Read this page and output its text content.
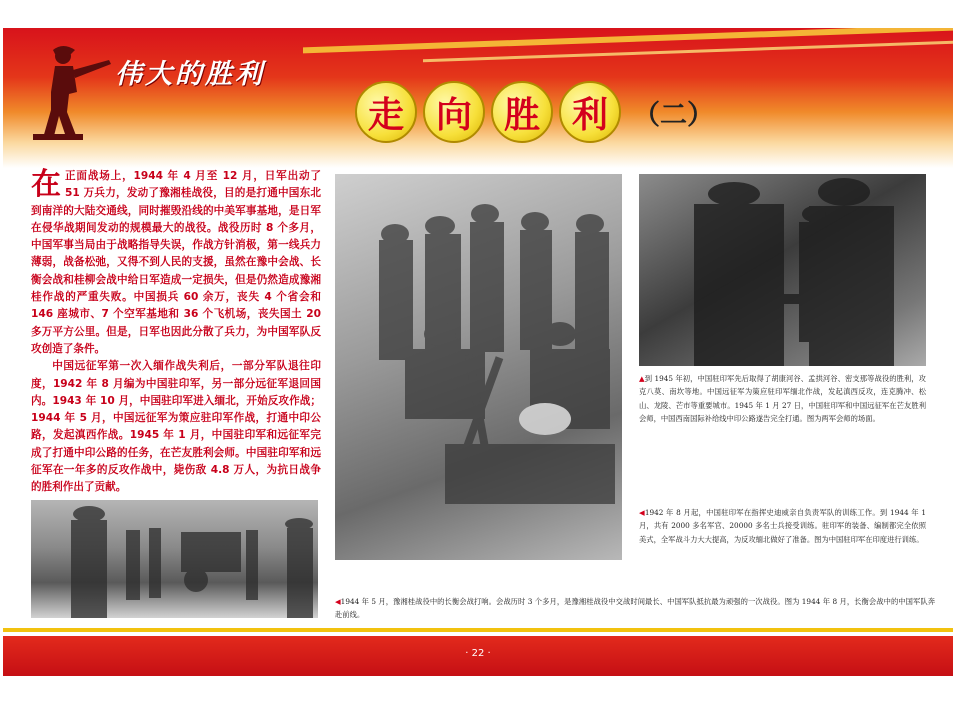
伟大的胜利
走 向 胜 利 （二）

在正面战场上，1944 年 4 月至 12 月，日军出动了 51 万兵力，发动了豫湘桂战役，目的是打通中国东北到南洋的大陆交通线，同时摧毁沿线的中美军事基地，是日军在侵华战期间发动的规模最大的战役。战役历时 8 个多月，中国军事当局由于战略指导失误，作战方针消极，第一线兵力薄弱，战备松弛，又得不到人民的支援，虽然在豫中会战、长衡会战和桂柳会战中给日军造成一定损失，但是仍然造成豫湘桂作战的严重失败。中国损兵 60 余万，丧失 4 个省会和 146 座城市、7 个空军基地和 36 个飞机场，丧失国土 20 多万平方公里。但是，日军也因此分散了兵力，为中国军队反攻创造了条件。

中国远征军第一次入缅作战失利后，一部分军队退往印度，1942 年 8 月编为中国驻印军，另一部分远征军退回国内。1943 年 10 月，中国驻印军进入缅北，开始反攻作战；1944 年 5 月，中国远征军为策应驻印军作战，打通中印公路，发起滇西作战。1945 年 1 月，中国驻印军和远征军完成了打通中印公路的任务，在芒友胜利会师。中国驻印军和远征军在一年多的反攻作战中，毙伤敌 4.8 万人，为抗日战争的胜利作出了贡献。

▲到 1945 年初，中国驻印军先后取得了胡康河谷、孟拱河谷、密支那等战役的胜利，攻克八莫、南坎等地。中国远征军为策应驻印军缅北作战，发起滇西反攻，连克腾冲、松山、龙陵、芒市等重要城市。1945 年 1 月 27 日，中国驻印军和中国远征军在芒友胜利会师，中国西南国际补给线中印公路遂告完全打通。图为两军会师的场面。
◀1942 年 8 月起，中国驻印军在指挥史迪威亲自负责军队的训练工作。到 1944 年 1 月，共有 2000 多名军官、20000 多名士兵接受训练。驻印军的装备、编制都完全依照美式，全军战斗力大大提高，为反攻缅北做好了准备。图为中国驻印军在印度进行训练。
◀1944 年 5 月，豫湘桂战役中的长衡会战打响。会战历时 3 个多月，是豫湘桂战役中交战时间最长、中国军队抵抗最为顽强的一次战役。图为 1944 年 8 月，长衡会战中的中国军队奔赴前线。
· 22 ·
